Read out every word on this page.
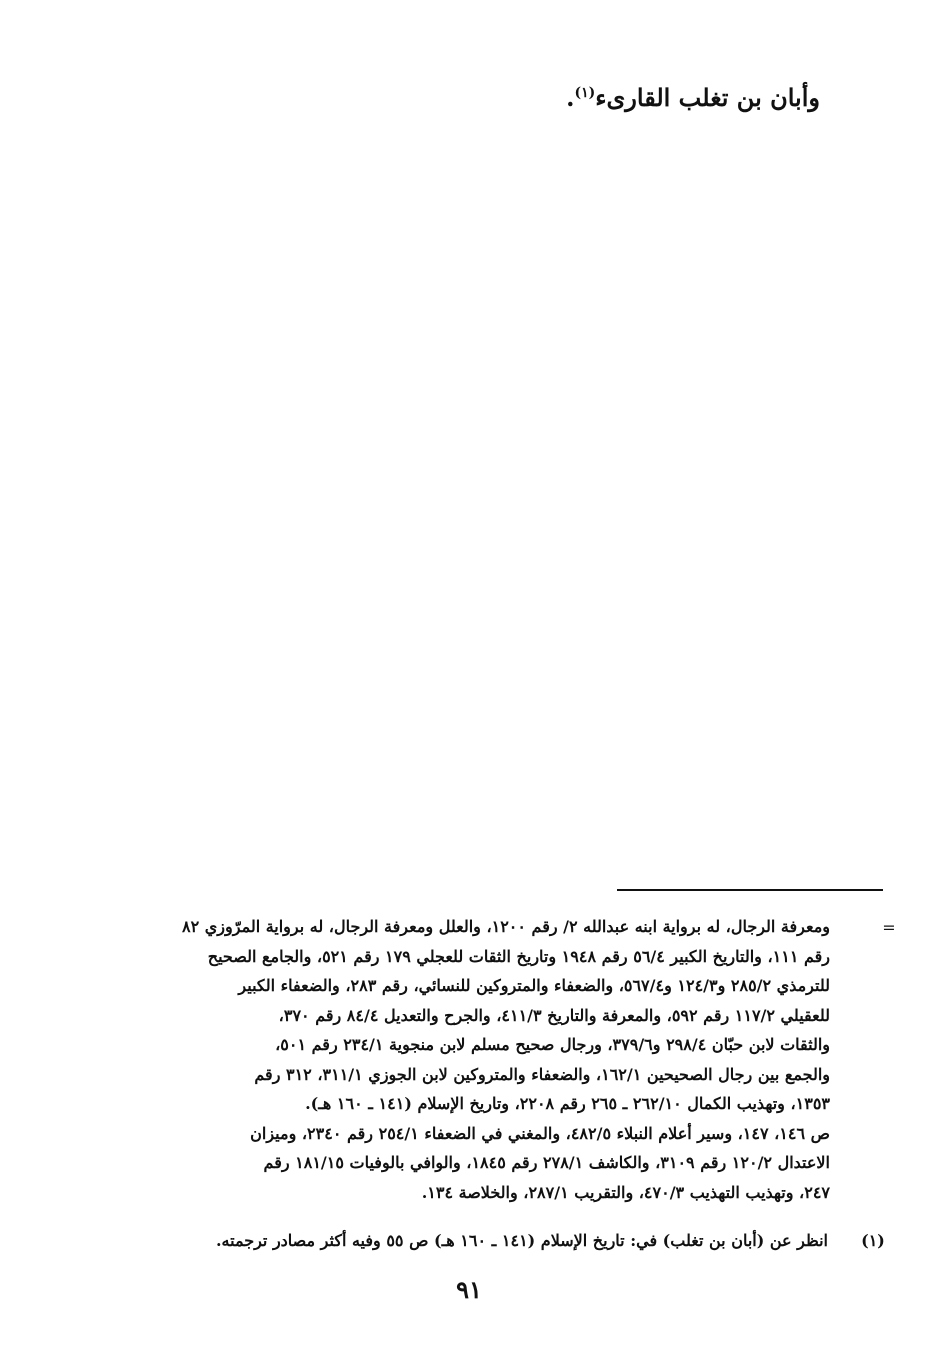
وأبان بن تغلب القارىء$^{(١)}$.
=
ومعرفة الرجال، له برواية ابنه عبدالله ٢/ رقم ١٢٠٠، والعلل ومعرفة الرجال، له برواية المرّوزي ٨٢
رقم ١١١، والتاريخ الكبير ٥٦/٤ رقم ١٩٤٨ وتاريخ الثقات للعجلي ١٧٩ رقم ٥٢١، والجامع الصحيح
للترمذي ٢٨٥/٢ و١٢٤/٣ و٥٦٧/٤، والضعفاء والمتروكين للنسائي، رقم ٢٨٣، والضعفاء الكبير
للعقيلي ١١٧/٢ رقم ٥٩٢، والمعرفة والتاريخ ٤١١/٣، والجرح والتعديل ٨٤/٤ رقم ٣٧٠،
والثقات لابن حبّان ٢٩٨/٤ و٣٧٩/٦، ورجال صحيح مسلم لابن منجوية ٢٣٤/١ رقم ٥٠١،
والجمع بين رجال الصحيحين ١٦٢/١، والضعفاء والمتروكين لابن الجوزي ٣١١/١، ٣١٢ رقم
١٣٥٣، وتهذيب الكمال ٢٦٢/١٠ ـ ٢٦٥ رقم ٢٢٠٨، وتاريخ الإسلام (١٤١ ـ ١٦٠ هـ).
ص ١٤٦، ١٤٧، وسير أعلام النبلاء ٤٨٢/٥، والمغني في الضعفاء ٢٥٤/١ رقم ٢٣٤٠، وميزان
الاعتدال ١٢٠/٢ رقم ٣١٠٩، والكاشف ٢٧٨/١ رقم ١٨٤٥، والوافي بالوفيات ١٨١/١٥ رقم
٢٤٧، وتهذيب التهذيب ٤٧٠/٣، والتقريب ٢٨٧/١، والخلاصة ١٣٤.
(١)
انظر عن (أبان بن تغلب) في: تاريخ الإسلام (١٤١ ـ ١٦٠ هـ) ص ٥٥ وفيه أكثر مصادر ترجمته.
٩١
